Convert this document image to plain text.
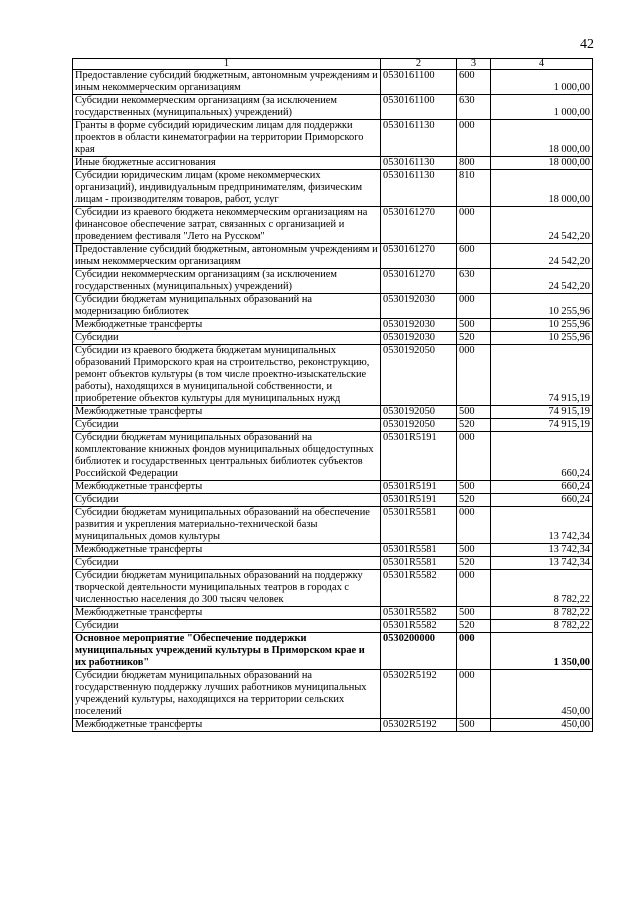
42
1	2	3	4
Предоставление субсидий бюджетным, автономным учреждениям и иным некоммерческим организациям	0530161100	600	1 000,00
Субсидии некоммерческим организациям (за исключением государственных (муниципальных) учреждений)	0530161100	630	1 000,00
Гранты в форме субсидий юридическим лицам для поддержки проектов в области кинематографии на территории Приморского края	0530161130	000	18 000,00
Иные бюджетные ассигнования	0530161130	800	18 000,00
Субсидии юридическим лицам (кроме некоммерческих организаций), индивидуальным предпринимателям, физическим лицам - производителям товаров, работ, услуг	0530161130	810	18 000,00
Субсидии из краевого бюджета некоммерческим организациям на финансовое обеспечение затрат, связанных с организацией и проведением фестиваля "Лето на Русском"	0530161270	000	24 542,20
Предоставление субсидий бюджетным, автономным учреждениям и иным некоммерческим организациям	0530161270	600	24 542,20
Субсидии некоммерческим организациям (за исключением государственных (муниципальных) учреждений)	0530161270	630	24 542,20
Субсидии бюджетам муниципальных образований на модернизацию библиотек	0530192030	000	10 255,96
Межбюджетные трансферты	0530192030	500	10 255,96
Субсидии	0530192030	520	10 255,96
Субсидии из краевого бюджета бюджетам муниципальных образований Приморского края на строительство, реконструкцию, ремонт объектов культуры (в том числе проектно-изыскательские работы), находящихся в муниципальной собственности, и приобретение объектов культуры для муниципальных нужд	0530192050	000	74 915,19
Межбюджетные трансферты	0530192050	500	74 915,19
Субсидии	0530192050	520	74 915,19
Субсидии бюджетам муниципальных образований на комплектование книжных фондов муниципальных общедоступных библиотек и государственных центральных библиотек субъектов Российской Федерации	05301R5191	000	660,24
Межбюджетные трансферты	05301R5191	500	660,24
Субсидии	05301R5191	520	660,24
Субсидии бюджетам муниципальных образований на обеспечение развития и укрепления материально-технической базы муниципальных домов культуры	05301R5581	000	13 742,34
Межбюджетные трансферты	05301R5581	500	13 742,34
Субсидии	05301R5581	520	13 742,34
Субсидии бюджетам муниципальных образований на поддержку творческой деятельности муниципальных театров в городах с численностью населения до 300 тысяч человек	05301R5582	000	8 782,22
Межбюджетные трансферты	05301R5582	500	8 782,22
Субсидии	05301R5582	520	8 782,22
Основное мероприятие "Обеспечение поддержки муниципальных учреждений культуры в Приморском крае и их работников"	0530200000	000	1 350,00
Субсидии бюджетам муниципальных образований на государственную поддержку лучших работников муниципальных учреждений культуры, находящихся на территории сельских поселений	05302R5192	000	450,00
Межбюджетные трансферты	05302R5192	500	450,00
